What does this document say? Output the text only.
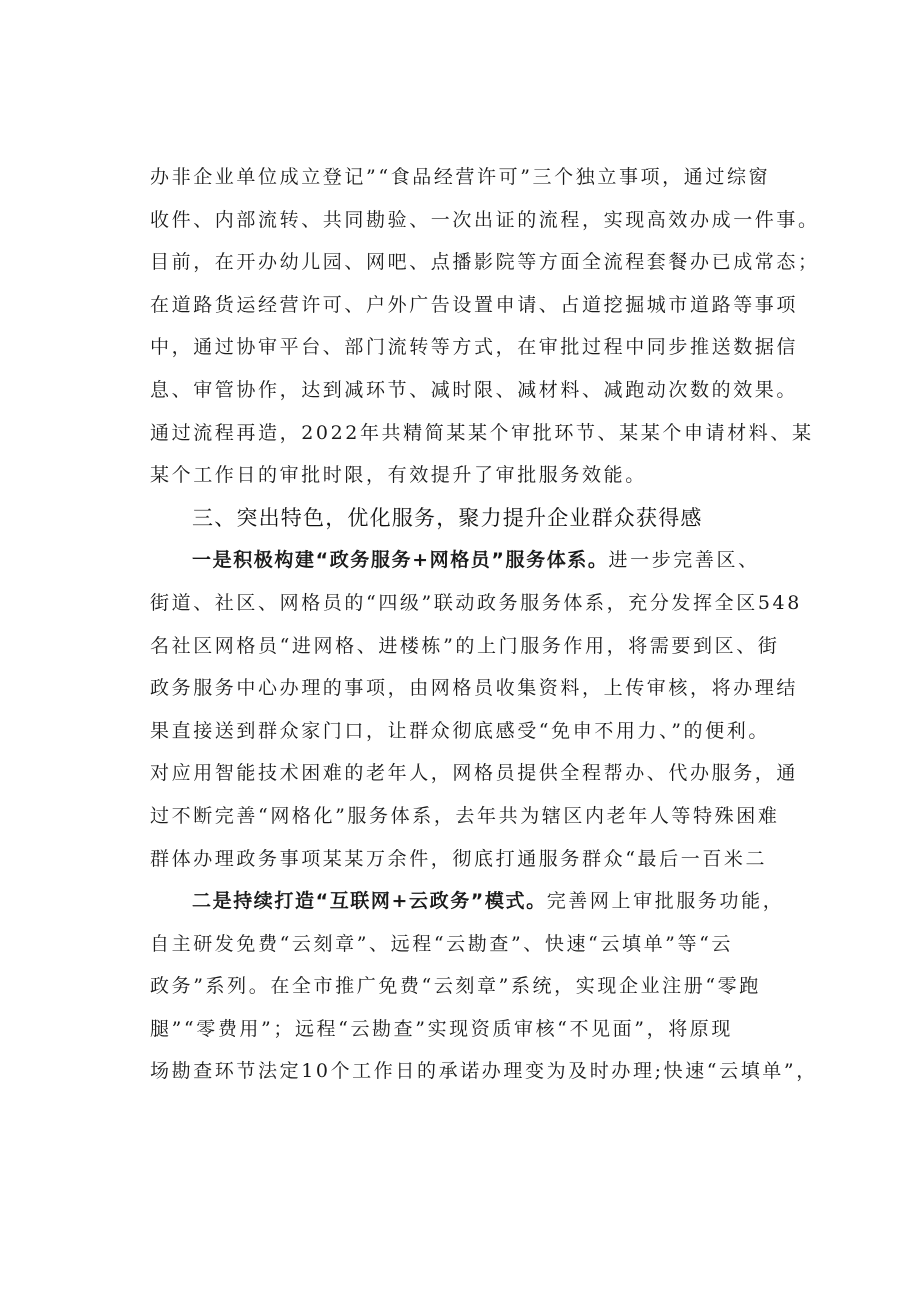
办非企业单位成立登记”“食品经营许可”三个独立事项，通过综窗
收件、内部流转、共同勘验、一次出证的流程，实现高效办成一件事。
目前，在开办幼儿园、网吧、点播影院等方面全流程套餐办已成常态；
在道路货运经营许可、户外广告设置申请、占道挖掘城市道路等事项
中，通过协审平台、部门流转等方式，在审批过程中同步推送数据信
息、审管协作，达到减环节、减时限、减材料、减跑动次数的效果。
通过流程再造，2022年共精简某某个审批环节、某某个申请材料、某
某个工作日的审批时限，有效提升了审批服务效能。
三、突出特色，优化服务，聚力提升企业群众获得感
一是积极构建“政务服务+网格员”服务体系。进一步完善区、
街道、社区、网格员的“四级”联动政务服务体系，充分发挥全区548
名社区网格员“进网格、进楼栋”的上门服务作用，将需要到区、街
政务服务中心办理的事项，由网格员收集资料，上传审核，将办理结
果直接送到群众家门口，让群众彻底感受“免申不用力、”的便利。
对应用智能技术困难的老年人，网格员提供全程帮办、代办服务，通
过不断完善“网格化”服务体系，去年共为辖区内老年人等特殊困难
群体办理政务事项某某万余件，彻底打通服务群众“最后一百米二
二是持续打造“互联网+云政务”模式。完善网上审批服务功能，
自主研发免费“云刻章”、远程“云勘查”、快速“云填单”等“云
政务”系列。在全市推广免费“云刻章”系统，实现企业注册“零跑
腿”“零费用”；远程“云勘查”实现资质审核“不见面”，将原现
场勘查环节法定10个工作日的承诺办理变为及时办理;快速“云填单”，
